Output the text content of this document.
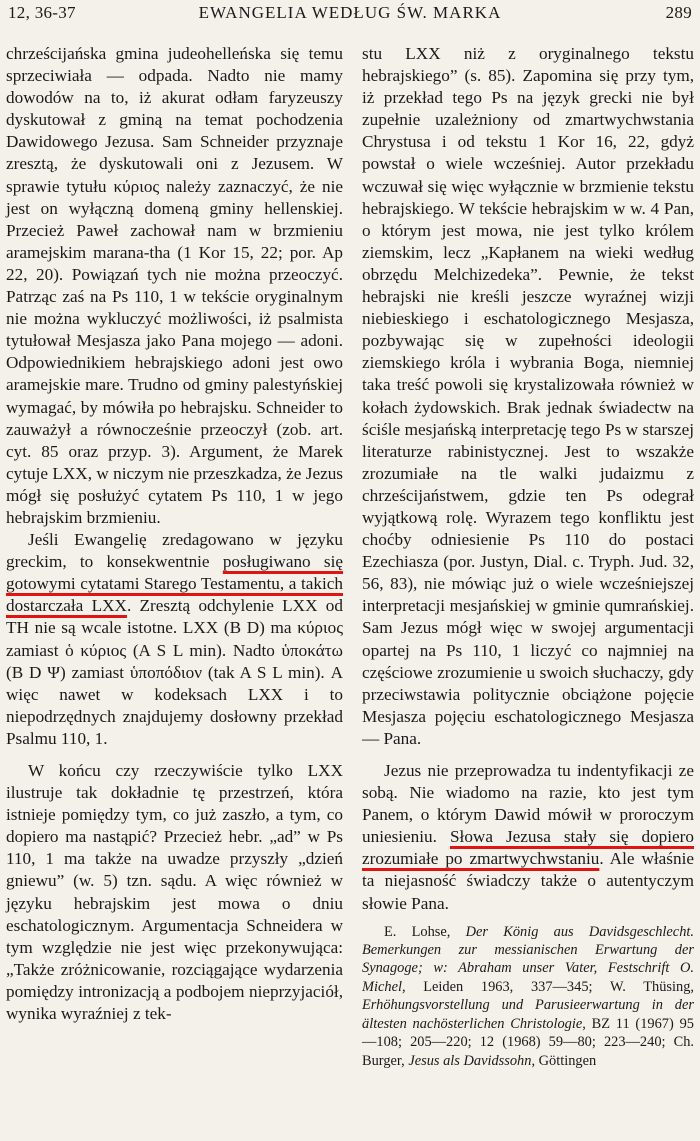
12, 36-37	EWANGELIA WEDŁUG ŚW. MARKA	289

chrześcijańska gmina judeohelleńska się temu sprzeciwiała — odpada. Nadto nie mamy dowodów na to, iż akurat odłam faryzeuszy dyskutował z gminą na temat pochodzenia Dawidowego Jezusa. Sam Schneider przyznaje zresztą, że dyskutowali oni z Jezusem. W sprawie tytułu κύριος należy zaznaczyć, że nie jest on wyłączną domeną gminy hellenskiej. Przecież Paweł zachował nam w brzmieniu aramejskim marana-tha (1 Kor 15, 22; por. Ap 22, 20). Powiązań tych nie można przeoczyć. Patrząc zaś na Ps 110, 1 w tekście oryginalnym nie można wykluczyć możliwości, iż psalmista tytułował Mesjasza jako Pana mojego — adoni. Odpowiednikiem hebrajskiego adoni jest owo aramejskie mare. Trudno od gminy palestyńskiej wymagać, by mówiła po hebrajsku. Schneider to zauważył a równocześnie przeoczył (zob. art. cyt. 85 oraz przyp. 3). Argument, że Marek cytuje LXX, w niczym nie przeszkadza, że Jezus mógł się posłużyć cytatem Ps 110, 1 w jego hebrajskim brzmieniu.

Jeśli Ewangelię zredagowano w języku greckim, to konsekwentnie posługiwano się gotowymi cytatami Starego Testamentu, a takich dostarczała LXX. Zresztą odchylenie LXX od TH nie są wcale istotne. LXX (B D) ma κύριος zamiast ὁ κύριος (A S L min). Nadto ὑποκάτω (B D Ψ) zamiast ὑποπόδιον (tak A S L min). A więc nawet w kodeksach LXX i to niepodrzędnych znajdujemy dosłowny przekład Psalmu 110, 1.

W końcu czy rzeczywiście tylko LXX ilustruje tak dokładnie tę przestrzeń, która istnieje pomiędzy tym, co już zaszło, a tym, co dopiero ma nastąpić? Przecież hebr. „ad” w Ps 110, 1 ma także na uwadze przyszły „dzień gniewu” (w. 5) tzn. sądu. A więc również w języku hebrajskim jest mowa o dniu eschatologicznym. Argumentacja Schneidera w tym względzie nie jest więc przekonywująca: „Także zróżnicowanie, rozciągające wydarzenia pomiędzy intronizacją a podbojem nieprzyjaciół, wynika wyraźniej z tek-

stu LXX niż z oryginalnego tekstu hebrajskiego” (s. 85). Zapomina się przy tym, iż przekład tego Ps na język grecki nie był zupełnie uzależniony od zmartwychwstania Chrystusa i od tekstu 1 Kor 16, 22, gdyż powstał o wiele wcześniej. Autor przekładu wczuwał się więc wyłącznie w brzmienie tekstu hebrajskiego. W tekście hebrajskim w w. 4 Pan, o którym jest mowa, nie jest tylko królem ziemskim, lecz „Kapłanem na wieki według obrzędu Melchizedeka”. Pewnie, że tekst hebrajski nie kreśli jeszcze wyraźnej wizji niebieskiego i eschatologicznego Mesjasza, pozbywając się w zupełności ideologii ziemskiego króla i wybrania Boga, niemniej taka treść powoli się krystalizowała również w kołach żydowskich. Brak jednak świadectw na ściśle mesjańską interpretację tego Ps w starszej literaturze rabinistycznej. Jest to wszakże zrozumiałe na tle walki judaizmu z chrześcijaństwem, gdzie ten Ps odegrał wyjątkową rolę. Wyrazem tego konfliktu jest choćby odniesienie Ps 110 do postaci Ezechiasza (por. Justyn, Dial. c. Tryph. Jud. 32, 56, 83), nie mówiąc już o wiele wcześniejszej interpretacji mesjańskiej w gminie qumrańskiej. Sam Jezus mógł więc w swojej argumentacji opartej na Ps 110, 1 liczyć co najmniej na częściowe zrozumienie u swoich słuchaczy, gdy przeciwstawia politycznie obciążone pojęcie Mesjasza pojęciu eschatologicznego Mesjasza — Pana.

Jezus nie przeprowadza tu indentyfikacji ze sobą. Nie wiadomo na razie, kto jest tym Panem, o którym Dawid mówił w proroczym uniesieniu. Słowa Jezusa stały się dopiero zrozumiałe po zmartwychwstaniu. Ale właśnie ta niejasność świadczy także o autentyczym słowie Pana.

E. Lohse, Der König aus Davidsgeschlecht. Bemerkungen zur messianischen Erwartung der Synagoge; w: Abraham unser Vater, Festschrift O. Michel, Leiden 1963, 337—345; W. Thüsing, Erhöhungsvorstellung und Parusieerwartung in der ältesten nachösterlichen Christologie, BZ 11 (1967) 95—108; 205—220; 12 (1968) 59—80; 223—240; Ch. Burger, Jesus als Davidssohn, Göttingen
